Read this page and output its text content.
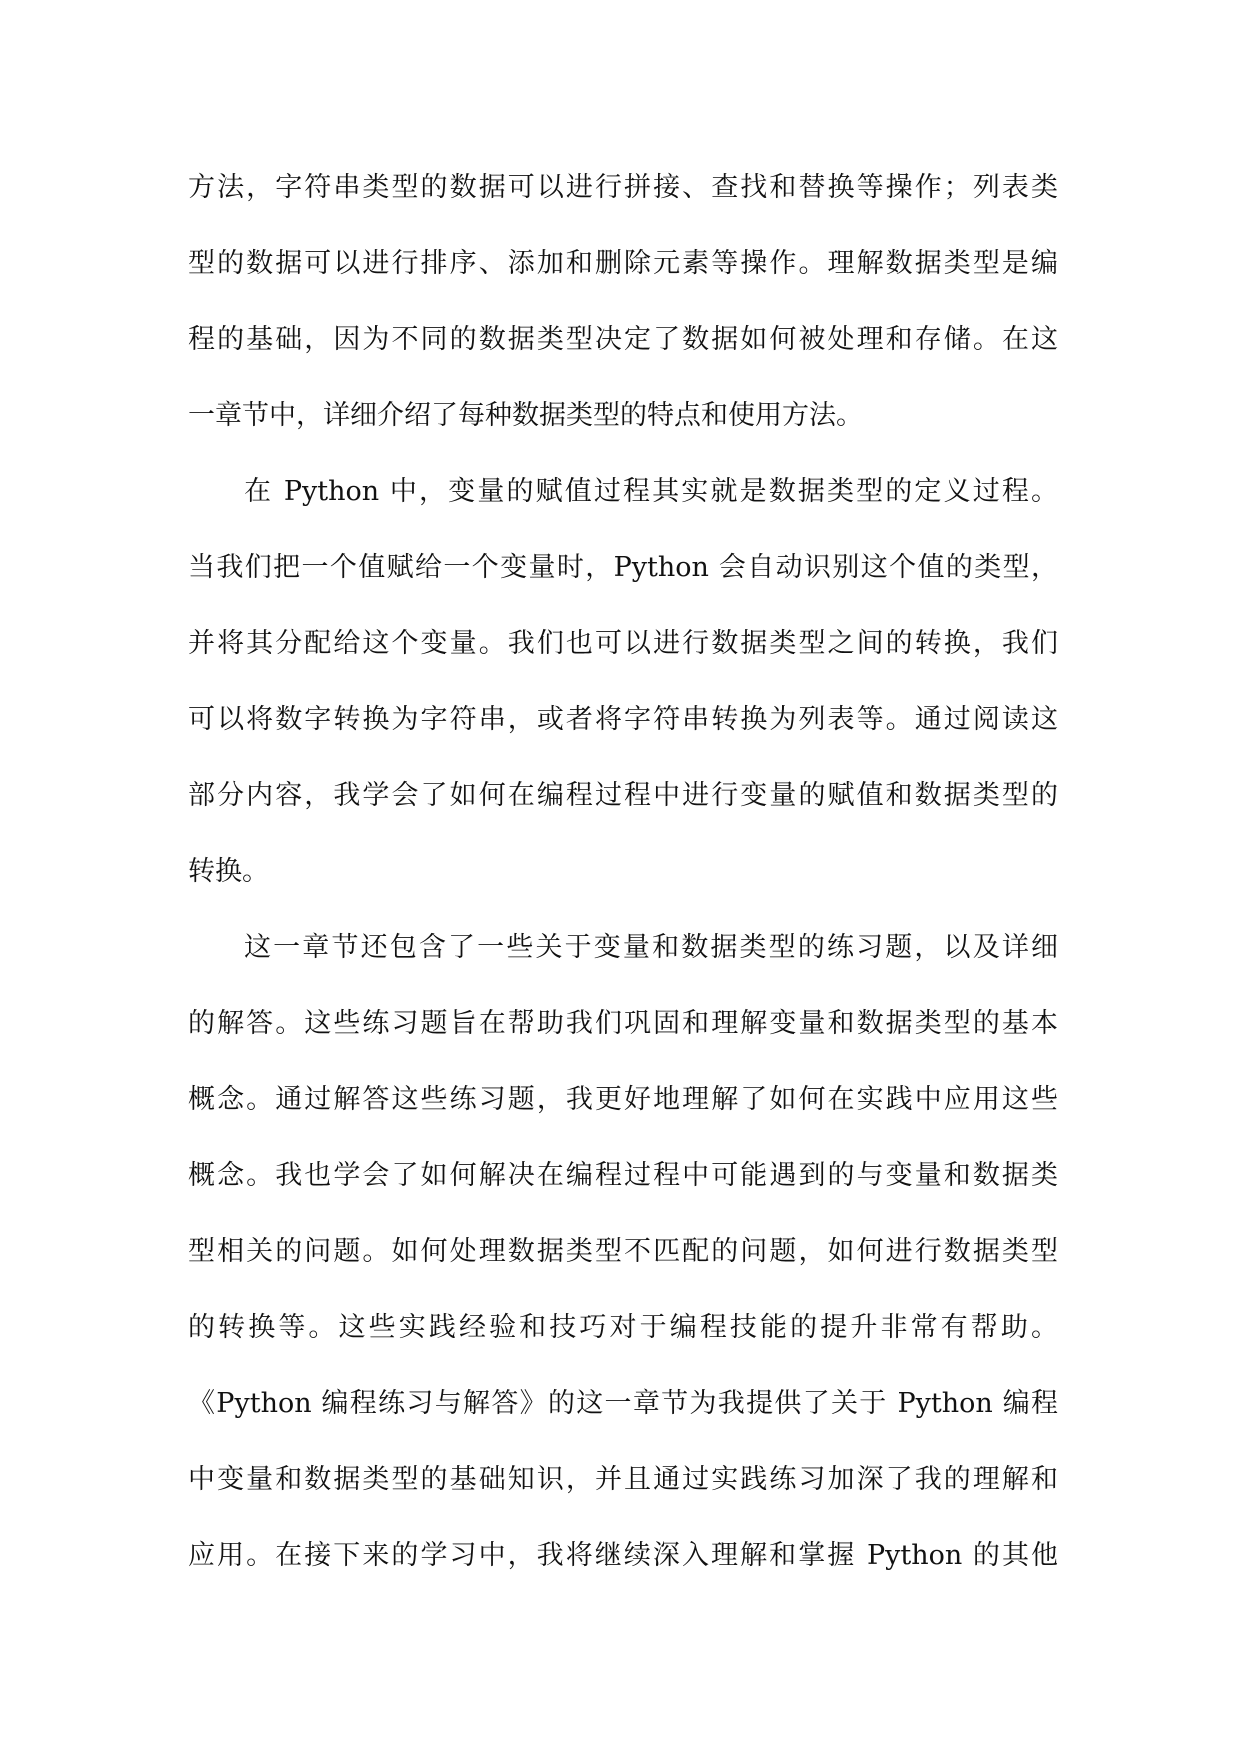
方法，字符串类型的数据可以进行拼接、查找和替换等操作；列表类
型的数据可以进行排序、添加和删除元素等操作。理解数据类型是编
程的基础，因为不同的数据类型决定了数据如何被处理和存储。在这
一章节中，详细介绍了每种数据类型的特点和使用方法。
在 Python 中，变量的赋值过程其实就是数据类型的定义过程。
当我们把一个值赋给一个变量时，Python 会自动识别这个值的类型，
并将其分配给这个变量。我们也可以进行数据类型之间的转换，我们
可以将数字转换为字符串，或者将字符串转换为列表等。通过阅读这
部分内容，我学会了如何在编程过程中进行变量的赋值和数据类型的
转换。
这一章节还包含了一些关于变量和数据类型的练习题，以及详细
的解答。这些练习题旨在帮助我们巩固和理解变量和数据类型的基本
概念。通过解答这些练习题，我更好地理解了如何在实践中应用这些
概念。我也学会了如何解决在编程过程中可能遇到的与变量和数据类
型相关的问题。如何处理数据类型不匹配的问题，如何进行数据类型
的转换等。这些实践经验和技巧对于编程技能的提升非常有帮助。
《Python 编程练习与解答》的这一章节为我提供了关于 Python 编程
中变量和数据类型的基础知识，并且通过实践练习加深了我的理解和
应用。在接下来的学习中，我将继续深入理解和掌握 Python 的其他
